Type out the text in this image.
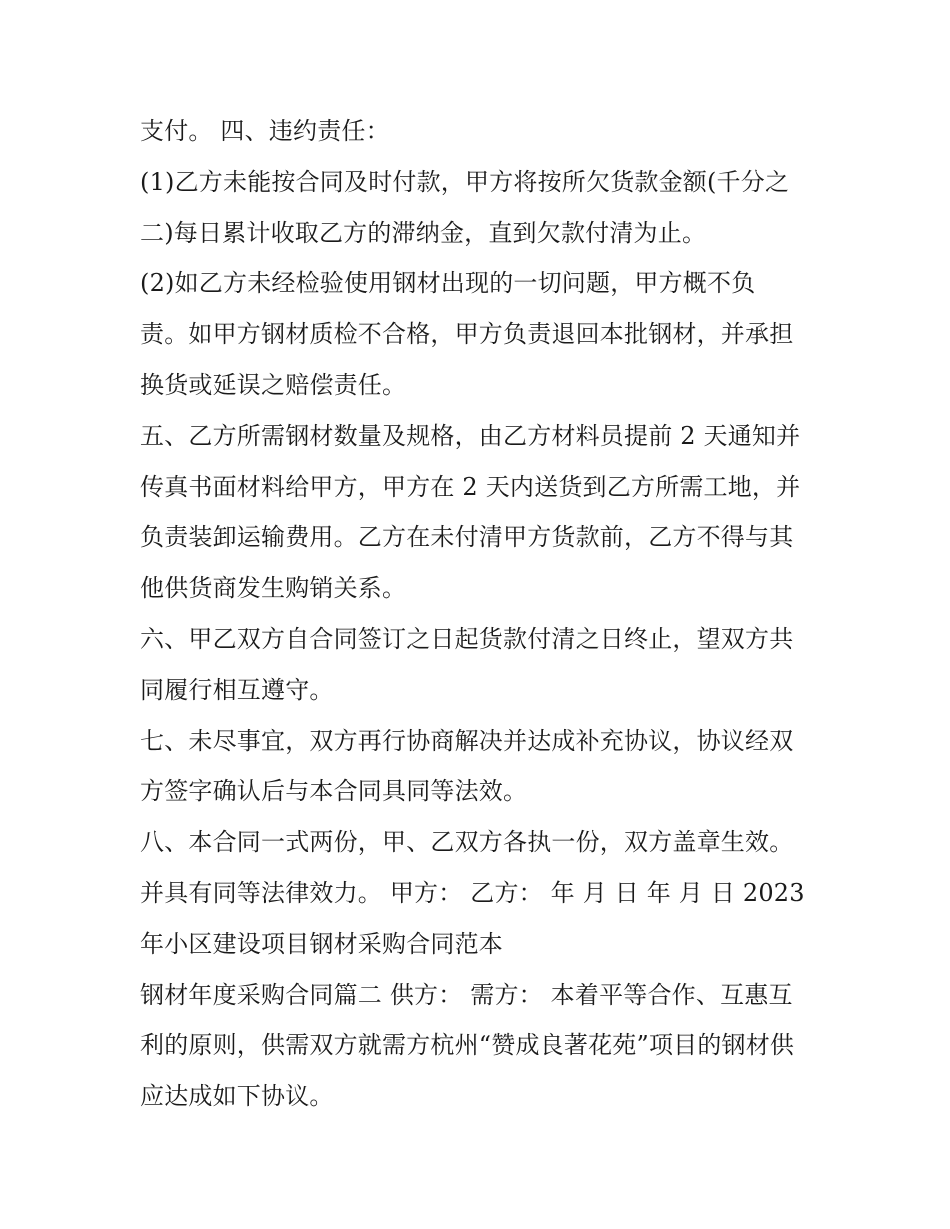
支付。 四、违约责任：
(1)乙方未能按合同及时付款，甲方将按所欠货款金额(千分之
二)每日累计收取乙方的滞纳金，直到欠款付清为止。
(2)如乙方未经检验使用钢材出现的一切问题，甲方概不负
责。如甲方钢材质检不合格，甲方负责退回本批钢材，并承担
换货或延误之赔偿责任。
五、乙方所需钢材数量及规格，由乙方材料员提前 2 天通知并
传真书面材料给甲方，甲方在 2 天内送货到乙方所需工地，并
负责装卸运输费用。乙方在未付清甲方货款前，乙方不得与其
他供货商发生购销关系。
六、甲乙双方自合同签订之日起货款付清之日终止，望双方共
同履行相互遵守。
七、未尽事宜，双方再行协商解决并达成补充协议，协议经双
方签字确认后与本合同具同等法效。
八、本合同一式两份，甲、乙双方各执一份，双方盖章生效。
并具有同等法律效力。 甲方： 乙方： 年 月 日 年 月 日 2023
年小区建设项目钢材采购合同范本
钢材年度采购合同篇二 供方： 需方： 本着平等合作、互惠互
利的原则，供需双方就需方杭州“赞成良著花苑”项目的钢材供
应达成如下协议。
